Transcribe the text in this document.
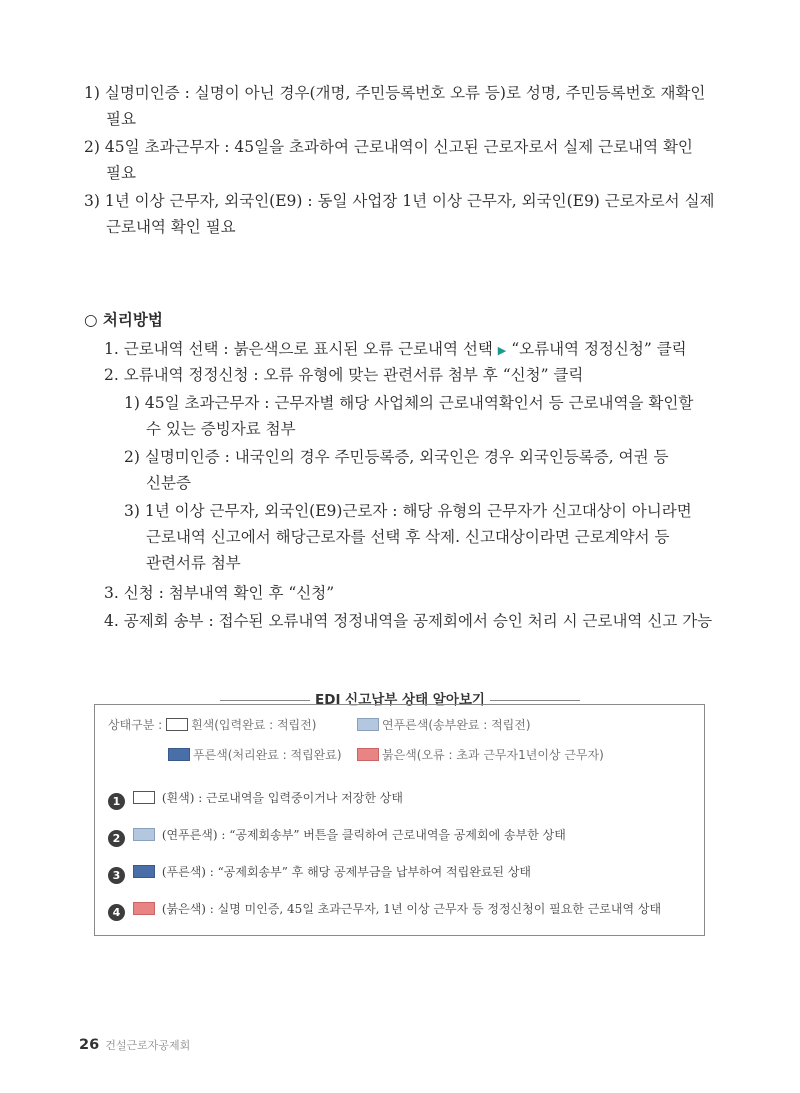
1) 실명미인증 : 실명이 아닌 경우(개명, 주민등록번호 오류 등)로 성명, 주민등록번호 재확인

필요

2) 45일 초과근무자 : 45일을 초과하여 근로내역이 신고된 근로자로서 실제 근로내역 확인

필요

3) 1년 이상 근무자, 외국인(E9) : 동일 사업장 1년 이상 근무자, 외국인(E9) 근로자로서 실제

근로내역 확인 필요

○ 처리방법

1. 근로내역 선택 : 붉은색으로 표시된 오류 근로내역 선택 ▶ “오류내역 정정신청” 클릭

2. 오류내역 정정신청 : 오류 유형에 맞는 관련서류 첨부 후 “신청” 클릭

1) 45일 초과근무자 : 근무자별 해당 사업체의 근로내역확인서 등 근로내역을 확인할

수 있는 증빙자료 첨부

2) 실명미인증 : 내국인의 경우 주민등록증, 외국인은 경우 외국인등록증, 여권 등

신분증

3) 1년 이상 근무자, 외국인(E9)근로자 : 해당 유형의 근무자가 신고대상이 아니라면

근로내역 신고에서 해당근로자를 선택 후 삭제. 신고대상이라면 근로계약서 등

관련서류 첨부

3. 신청 : 첨부내역 확인 후 “신청”

4. 공제회 송부 : 접수된 오류내역 정정내역을 공제회에서 승인 처리 시 근로내역 신고 가능

EDI 신고납부 상태 알아보기
상태구분 : 흰색(입력완료 : 적립전)	연푸른색(송부완료 : 적립전)
푸른색(처리완료 : 적립완료)	붉은색(오류 : 초과 근무자1년이상 근무자)
1	(흰색) : 근로내역을 입력중이거나 저장한 상태
2	(연푸른색) : “공제회송부” 버튼을 클릭하여 근로내역을 공제회에 송부한 상태
3	(푸른색) : “공제회송부” 후 해당 공제부금을 납부하여 적립완료된 상태
4	(붉은색) : 실명 미인증, 45일 초과근무자, 1년 이상 근무자 등 정정신청이 필요한 근로내역 상태
26 건설근로자공제회
